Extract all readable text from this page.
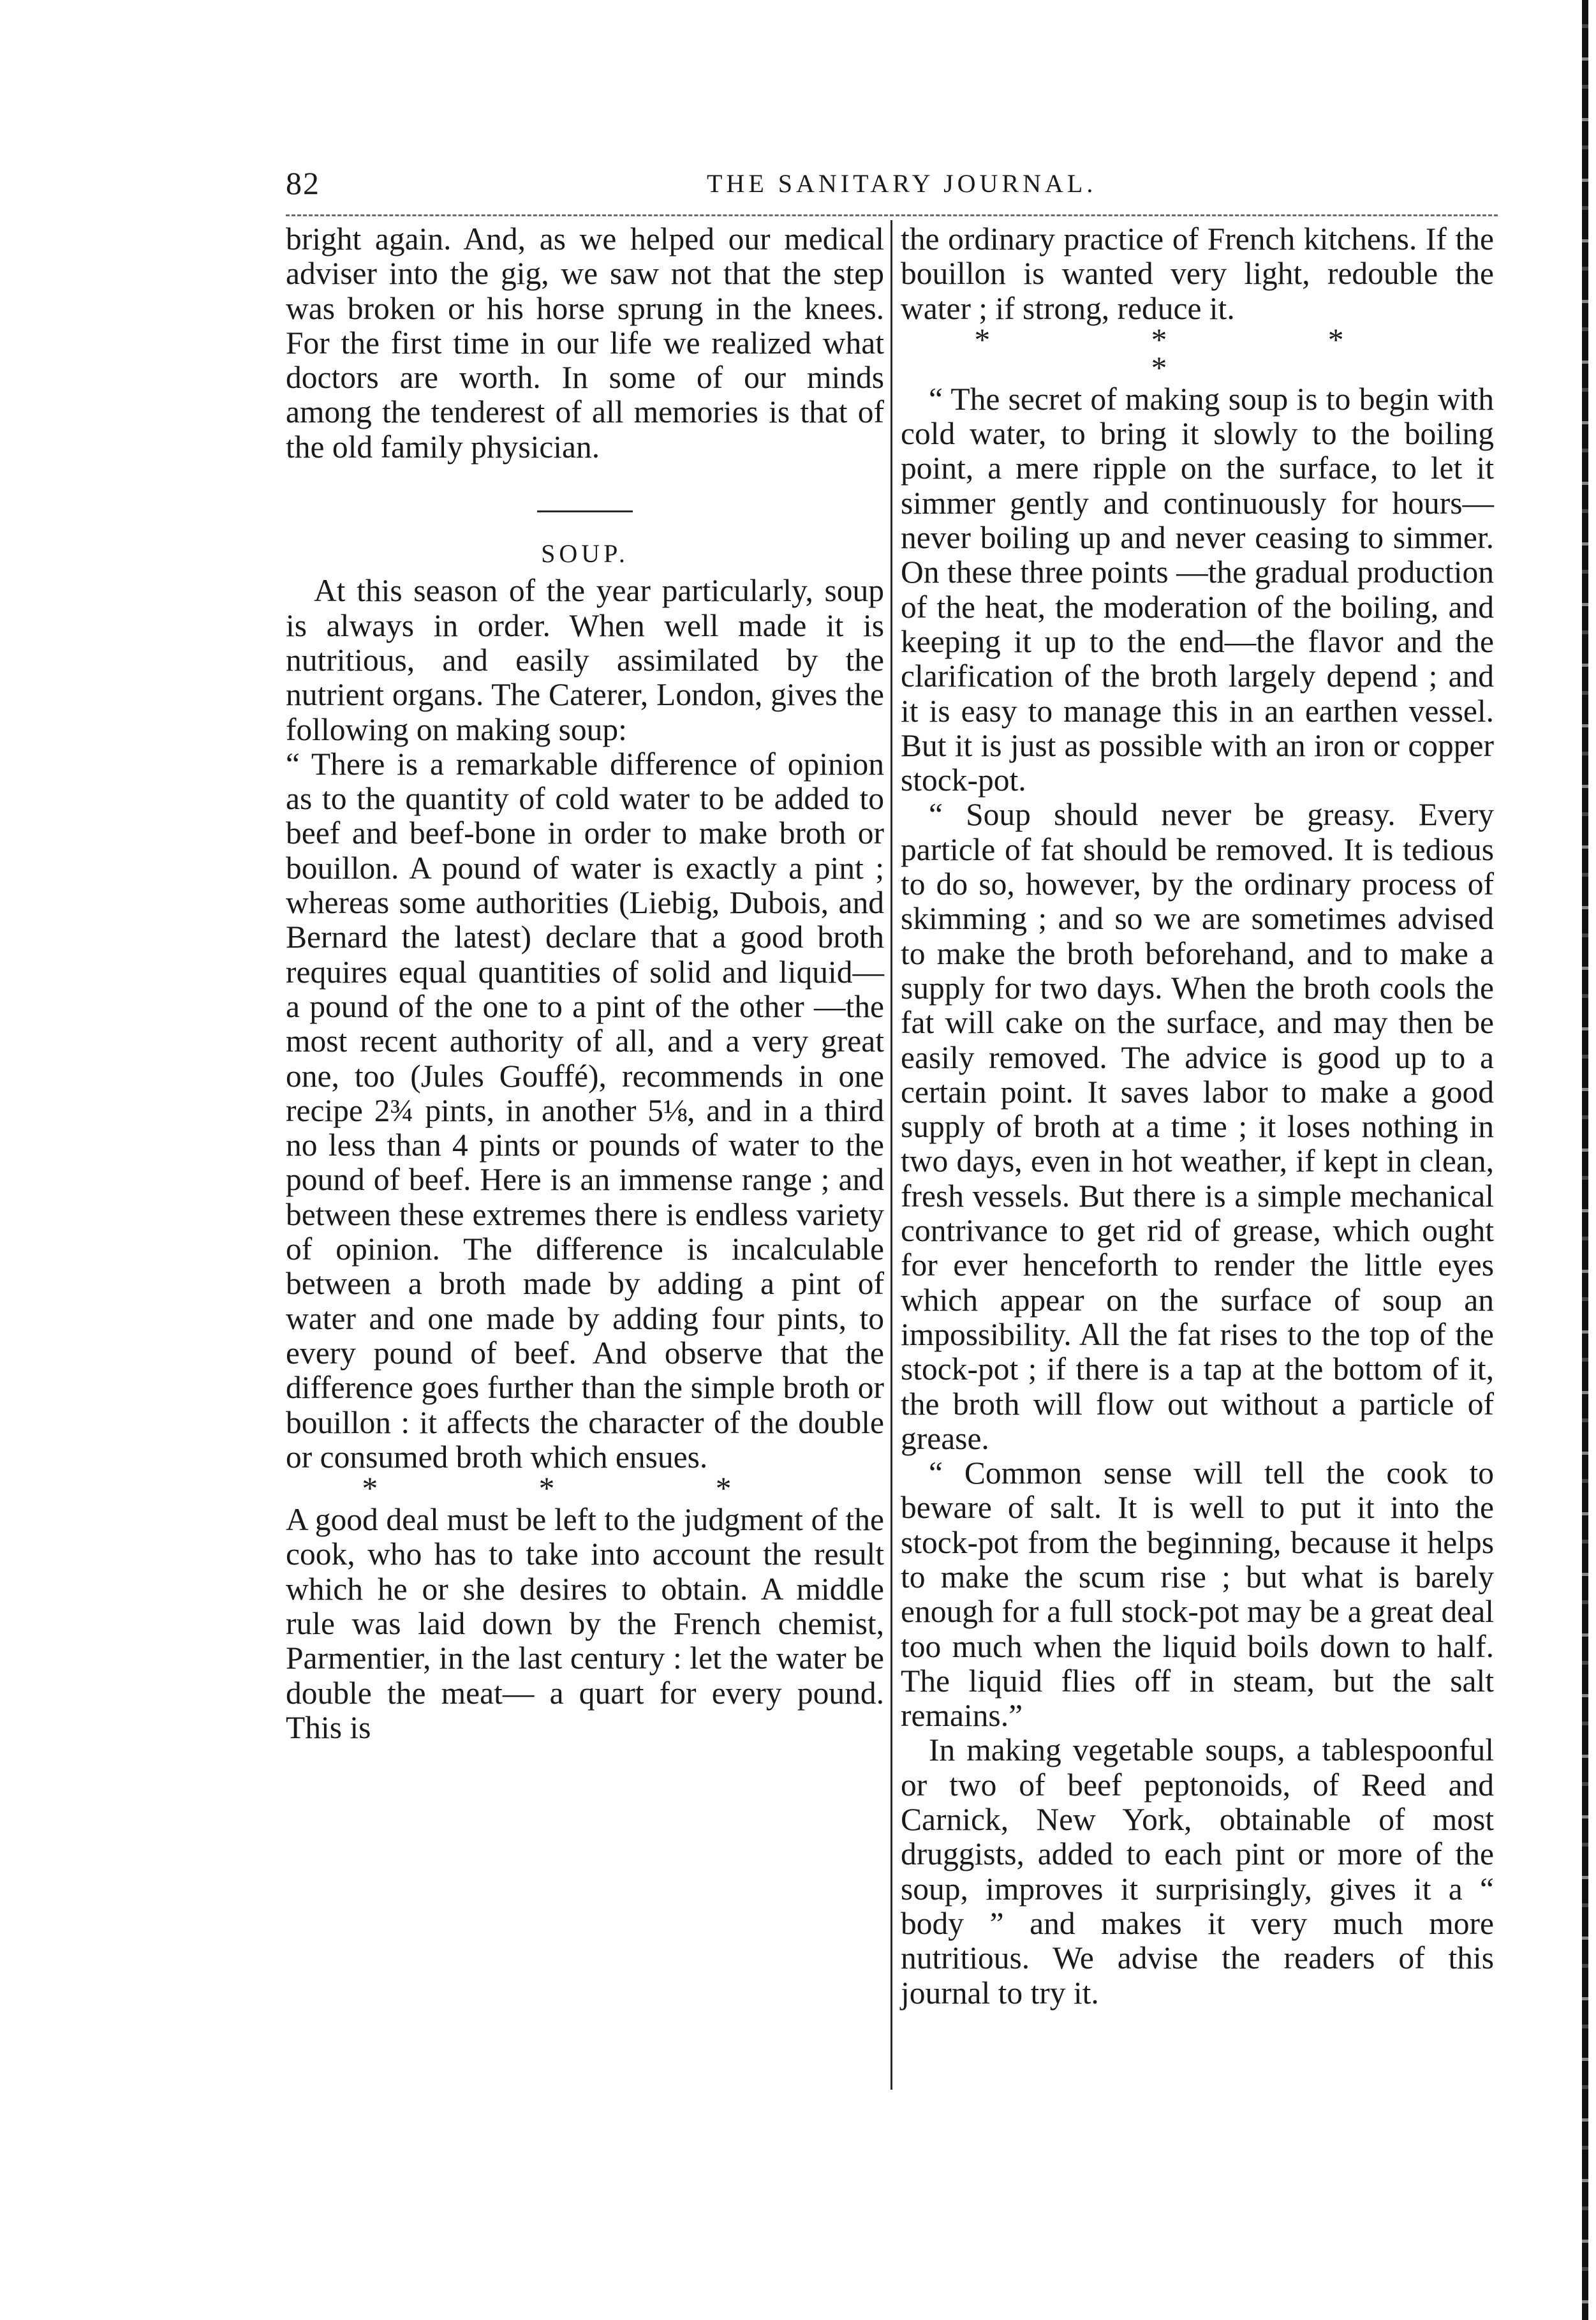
82	THE SANITARY JOURNAL.

bright again. And, as we helped our medical adviser into the gig, we saw not that the step was broken or his horse sprung in the knees. For the first time in our life we realized what doctors are worth. In some of our minds among the tenderest of all memories is that of the old family physician.

SOUP.

At this season of the year particularly, soup is always in order. When well made it is nutritious, and easily assimilated by the nutrient organs. The Caterer, London, gives the following on making soup:

“ There is a remarkable difference of opinion as to the quantity of cold water to be added to beef and beef-bone in order to make broth or bouillon. A pound of water is exactly a pint ; whereas some authorities (Liebig, Dubois, and Bernard the latest) declare that a good broth requires equal quantities of solid and liquid— a pound of the one to a pint of the other —the most recent authority of all, and a very great one, too (Jules Gouffé), recommends in one recipe 2¾ pints, in another 5⅛, and in a third no less than 4 pints or pounds of water to the pound of beef. Here is an immense range ; and between these extremes there is endless variety of opinion. The difference is incalculable between a broth made by adding a pint of water and one made by adding four pints, to every pound of beef. And observe that the difference goes further than the simple broth or bouillon : it affects the character of the double or consumed broth which ensues.

* * *

A good deal must be left to the judgment of the cook, who has to take into account the result which he or she desires to obtain. A middle rule was laid down by the French chemist, Parmentier, in the last century : let the water be double the meat— a quart for every pound. This is

the ordinary practice of French kitchens. If the bouillon is wanted very light, redouble the water ; if strong, reduce it.

* * * *

“ The secret of making soup is to begin with cold water, to bring it slowly to the boiling point, a mere ripple on the surface, to let it simmer gently and continuously for hours—never boiling up and never ceasing to simmer. On these three points —the gradual production of the heat, the moderation of the boiling, and keeping it up to the end—the flavor and the clarification of the broth largely depend ; and it is easy to manage this in an earthen vessel. But it is just as possible with an iron or copper stock-pot.

“ Soup should never be greasy. Every particle of fat should be removed. It is tedious to do so, however, by the ordinary process of skimming ; and so we are sometimes advised to make the broth beforehand, and to make a supply for two days. When the broth cools the fat will cake on the surface, and may then be easily removed. The advice is good up to a certain point. It saves labor to make a good supply of broth at a time ; it loses nothing in two days, even in hot weather, if kept in clean, fresh vessels. But there is a simple mechanical contrivance to get rid of grease, which ought for ever henceforth to render the little eyes which appear on the surface of soup an impossibility. All the fat rises to the top of the stock-pot ; if there is a tap at the bottom of it, the broth will flow out without a particle of grease.

“ Common sense will tell the cook to beware of salt. It is well to put it into the stock-pot from the beginning, because it helps to make the scum rise ; but what is barely enough for a full stock-pot may be a great deal too much when the liquid boils down to half. The liquid flies off in steam, but the salt remains.”

In making vegetable soups, a tablespoonful or two of beef peptonoids, of Reed and Carnick, New York, obtainable of most druggists, added to each pint or more of the soup, improves it surprisingly, gives it a “ body ” and makes it very much more nutritious. We advise the readers of this journal to try it.
